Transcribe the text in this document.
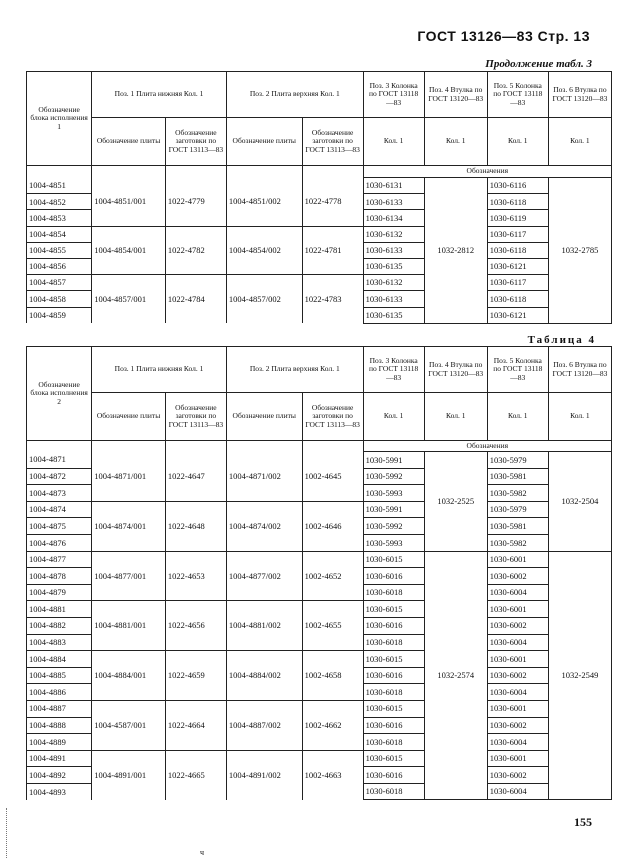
ГОСТ 13126—83 Стр. 13
Продолжение табл. 3
Обозначение блока исполнения 1	Поз. 1 Плита нижняя Кол. 1		Поз. 2 Плита верхняя Кол. 1		Поз. 3 Колонка по ГОСТ 13118—83	Поз. 4 Втулка по ГОСТ 13120—83	Поз. 5 Колонка по ГОСТ 13118—83	Поз. 6 Втулка по ГОСТ 13120—83
	Обозначение плиты	Обозначение заготовки по ГОСТ 13113—83	Обозначение плиты	Обозначение заготовки по ГОСТ 13113—83	Кол. 1	Кол. 1	Кол. 1	Кол. 1
					Обозначения			
1004-4851	1004-4851/001	1022-4779	1004-4851/002	1022-4778	1030-6131	1032-2812	1030-6116	1032-2785
1004-4852					1030-6133		1030-6118	
1004-4853					1030-6134		1030-6119	
1004-4854	1004-4854/001	1022-4782	1004-4854/002	1022-4781	1030-6132		1030-6117	
1004-4855					1030-6133		1030-6118	
1004-4856					1030-6135		1030-6121	
1004-4857	1004-4857/001	1022-4784	1004-4857/002	1022-4783	1030-6132		1030-6117	
1004-4858					1030-6133		1030-6118	
1004-4859					1030-6135		1030-6121	
Таблица 4
Обозначение блока исполнения 2	Поз. 1 Плита нижняя Кол. 1		Поз. 2 Плита верхняя Кол. 1		Поз. 3 Колонка по ГОСТ 13118—83	Поз. 4 Втулка по ГОСТ 13120—83	Поз. 5 Колонка по ГОСТ 13118—83	Поз. 6 Втулка по ГОСТ 13120—83
	Обозначение плиты	Обозначение заготовки по ГОСТ 13113—83	Обозначение плиты	Обозначение заготовки по ГОСТ 13113—83	Кол. 1	Кол. 1	Кол. 1	Кол. 1
					Обозначения			
1004-4871	1004-4871/001	1022-4647	1004-4871/002	1002-4645	1030-5991	1032-2525	1030-5979	1032-2504
1004-4872					1030-5992		1030-5981	
1004-4873					1030-5993		1030-5982	
1004-4874	1004-4874/001	1022-4648	1004-4874/002	1002-4646	1030-5991		1030-5979	
1004-4875					1030-5992		1030-5981	
1004-4876					1030-5993		1030-5982	
1004-4877	1004-4877/001	1022-4653	1004-4877/002	1002-4652	1030-6015	1032-2574	1030-6001	1032-2549
1004-4878					1030-6016		1030-6002	
1004-4879					1030-6018		1030-6004	
1004-4881	1004-4881/001	1022-4656	1004-4881/002	1002-4655	1030-6015		1030-6001	
1004-4882					1030-6016		1030-6002	
1004-4883					1030-6018		1030-6004	
1004-4884	1004-4884/001	1022-4659	1004-4884/002	1002-4658	1030-6015		1030-6001	
1004-4885					1030-6016		1030-6002	
1004-4886					1030-6018		1030-6004	
1004-4887	1004-4587/001	1022-4664	1004-4887/002	1002-4662	1030-6015		1030-6001	
1004-4888					1030-6016		1030-6002	
1004-4889					1030-6018		1030-6004	
1004-4891	1004-4891/001	1022-4665	1004-4891/002	1002-4663	1030-6015		1030-6001	
1004-4892					1030-6016		1030-6002	
1004-4893					1030-6018		1030-6004	
155
ч
